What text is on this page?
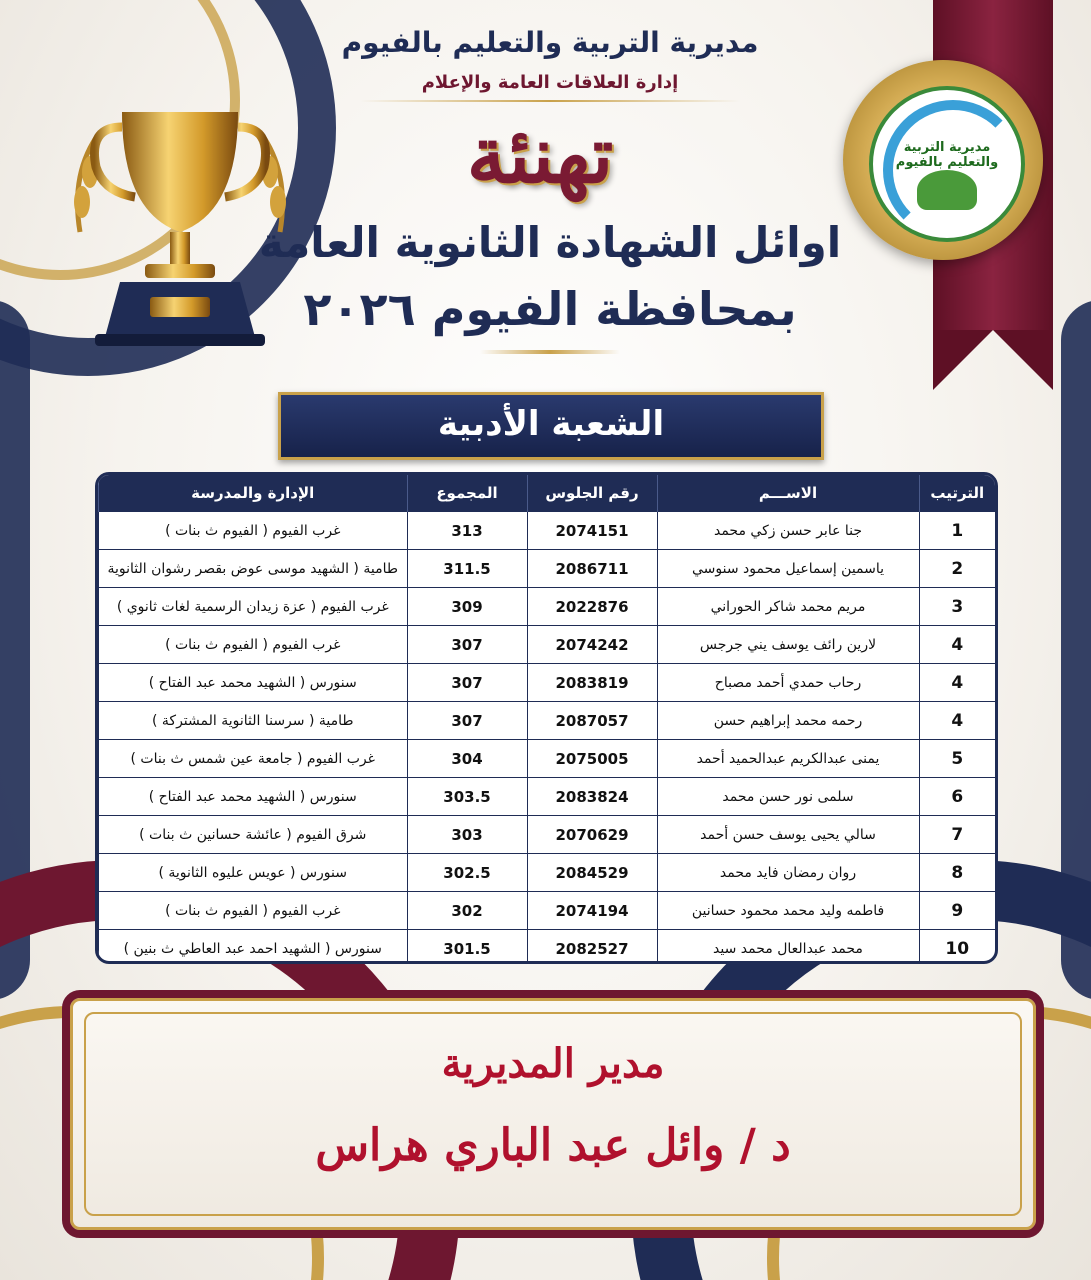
مديرية التربية والتعليم بالفيوم
مديرية التربية والتعليم بالفيوم
إدارة العلاقات العامة والإعلام
تهنئة
اوائل الشهادة الثانوية العامة
بمحافظة الفيوم ٢٠٢٦
الشعبة الأدبية
الترتيب	الاســـم	رقم الجلوس	المجموع	الإدارة والمدرسة
1	جنا عابر حسن زكي محمد	2074151	313	غرب الفيوم ( الفيوم ث بنات )
2	ياسمين إسماعيل محمود سنوسي	2086711	311.5	طامية ( الشهيد موسى عوض بقصر رشوان الثانوية
3	مريم محمد شاكر الحوراني	2022876	309	غرب الفيوم ( عزة زيدان الرسمية لغات ثانوي )
4	لارين رائف يوسف يني جرجس	2074242	307	غرب الفيوم ( الفيوم ث بنات )
4	رحاب حمدي أحمد مصباح	2083819	307	سنورس ( الشهيد محمد عبد الفتاح )
4	رحمه محمد إبراهيم حسن	2087057	307	طامية ( سرسنا الثانوية المشتركة )
5	يمنى عبدالكريم عبدالحميد أحمد	2075005	304	غرب الفيوم ( جامعة عين شمس ث بنات )
6	سلمى نور حسن محمد	2083824	303.5	سنورس ( الشهيد محمد عبد الفتاح )
7	سالي يحيى يوسف حسن أحمد	2070629	303	شرق الفيوم ( عائشة حسانين ث بنات )
8	روان رمضان فايد محمد	2084529	302.5	سنورس ( عويس عليوه الثانوية )
9	فاطمه وليد محمد محمود حسانين	2074194	302	غرب الفيوم ( الفيوم ث بنات )
10	محمد عبدالعال محمد سيد	2082527	301.5	سنورس ( الشهيد احمد عبد العاطي ث بنين )
مدير المديرية
د / وائل عبد الباري هراس
